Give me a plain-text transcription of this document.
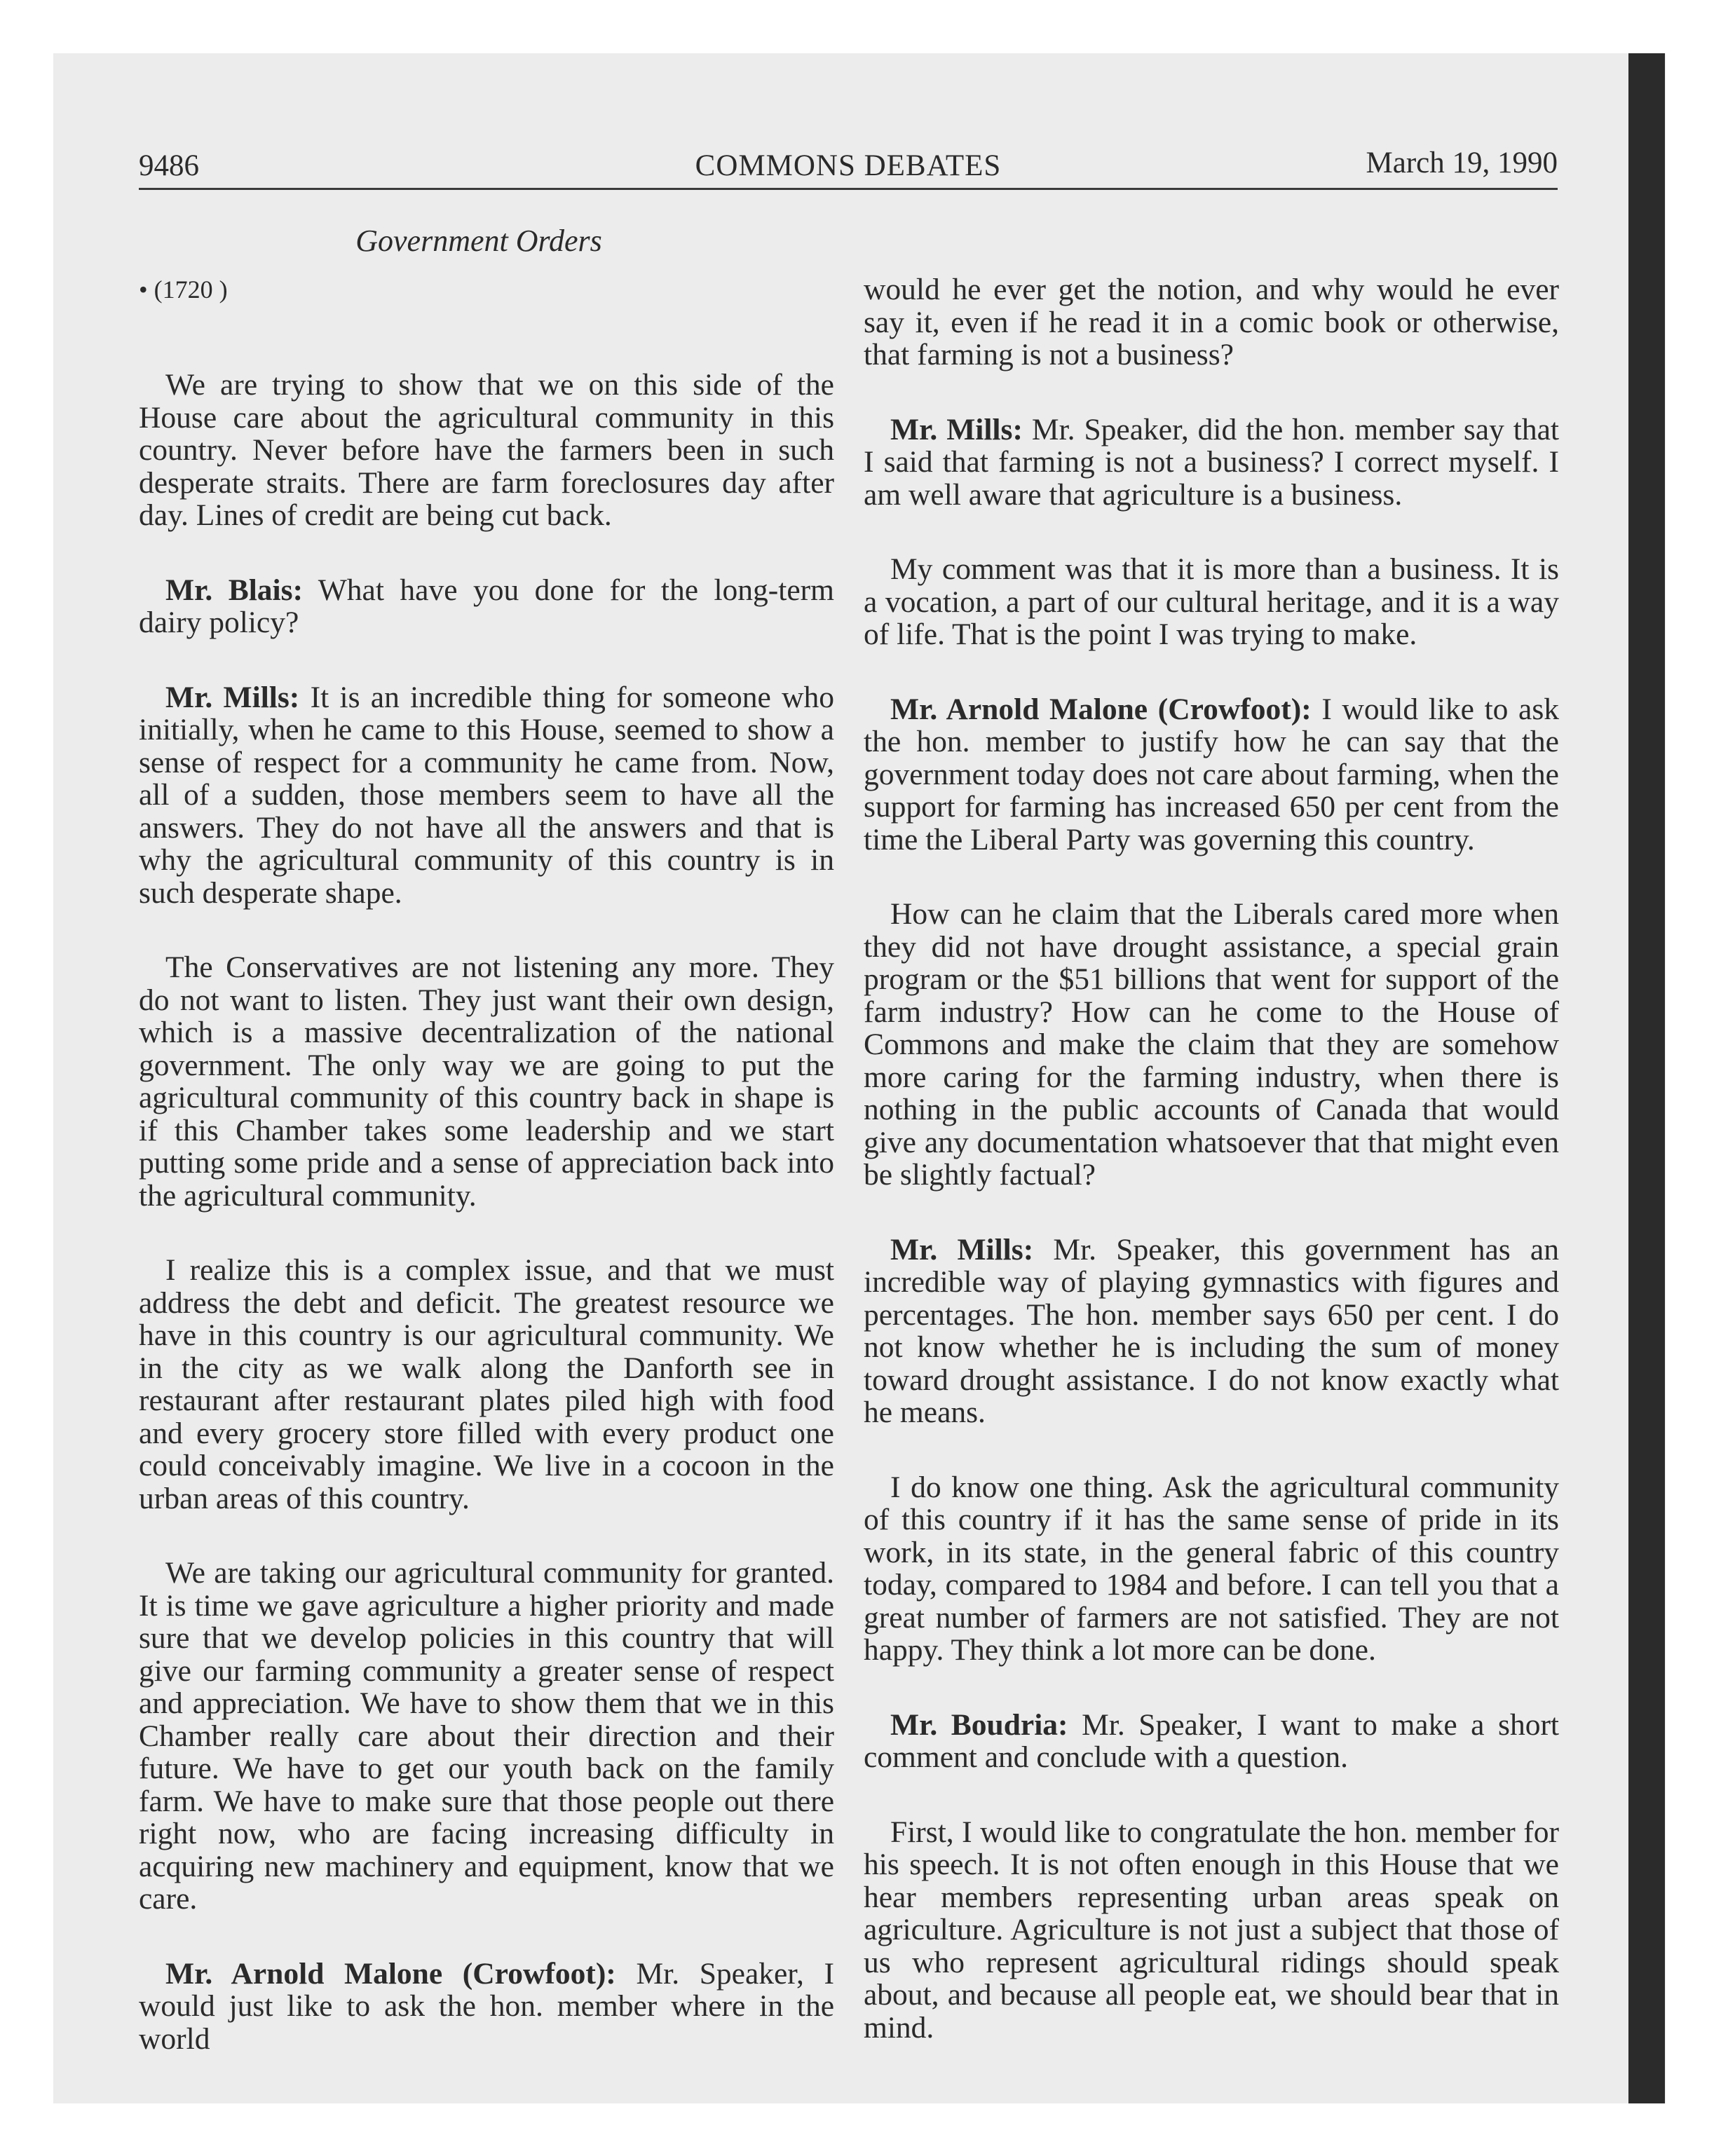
9486	COMMONS DEBATES	March 19, 1990
Government Orders
• (1720 )

We are trying to show that we on this side of the House care about the agricultural community in this country. Never before have the farmers been in such desperate straits. There are farm foreclosures day after day. Lines of credit are being cut back.

Mr. Blais: What have you done for the long-term dairy policy?

Mr. Mills: It is an incredible thing for someone who initially, when he came to this House, seemed to show a sense of respect for a community he came from. Now, all of a sudden, those members seem to have all the answers. They do not have all the answers and that is why the agricultural community of this country is in such desperate shape.

The Conservatives are not listening any more. They do not want to listen. They just want their own design, which is a massive decentralization of the national government. The only way we are going to put the agricultural community of this country back in shape is if this Chamber takes some leadership and we start putting some pride and a sense of appreciation back into the agricultural community.

I realize this is a complex issue, and that we must address the debt and deficit. The greatest resource we have in this country is our agricultural community. We in the city as we walk along the Danforth see in restaurant after restaurant plates piled high with food and every grocery store filled with every product one could conceivably imagine. We live in a cocoon in the urban areas of this country.

We are taking our agricultural community for granted. It is time we gave agriculture a higher priority and made sure that we develop policies in this country that will give our farming community a greater sense of respect and appreciation. We have to show them that we in this Chamber really care about their direction and their future. We have to get our youth back on the family farm. We have to make sure that those people out there right now, who are facing increasing difficulty in acquiring new machinery and equipment, know that we care.

Mr. Arnold Malone (Crowfoot): Mr. Speaker, I would just like to ask the hon. member where in the world

would he ever get the notion, and why would he ever say it, even if he read it in a comic book or otherwise, that farming is not a business?

Mr. Mills: Mr. Speaker, did the hon. member say that I said that farming is not a business? I correct myself. I am well aware that agriculture is a business.

My comment was that it is more than a business. It is a vocation, a part of our cultural heritage, and it is a way of life. That is the point I was trying to make.

Mr. Arnold Malone (Crowfoot): I would like to ask the hon. member to justify how he can say that the government today does not care about farming, when the support for farming has increased 650 per cent from the time the Liberal Party was governing this country.

How can he claim that the Liberals cared more when they did not have drought assistance, a special grain program or the $51 billions that went for support of the farm industry? How can he come to the House of Commons and make the claim that they are somehow more caring for the farming industry, when there is nothing in the public accounts of Canada that would give any documentation whatsoever that that might even be slightly factual?

Mr. Mills: Mr. Speaker, this government has an incredible way of playing gymnastics with figures and percentages. The hon. member says 650 per cent. I do not know whether he is including the sum of money toward drought assistance. I do not know exactly what he means.

I do know one thing. Ask the agricultural community of this country if it has the same sense of pride in its work, in its state, in the general fabric of this country today, compared to 1984 and before. I can tell you that a great number of farmers are not satisfied. They are not happy. They think a lot more can be done.

Mr. Boudria: Mr. Speaker, I want to make a short comment and conclude with a question.

First, I would like to congratulate the hon. member for his speech. It is not often enough in this House that we hear members representing urban areas speak on agriculture. Agriculture is not just a subject that those of us who represent agricultural ridings should speak about, and because all people eat, we should bear that in mind.
